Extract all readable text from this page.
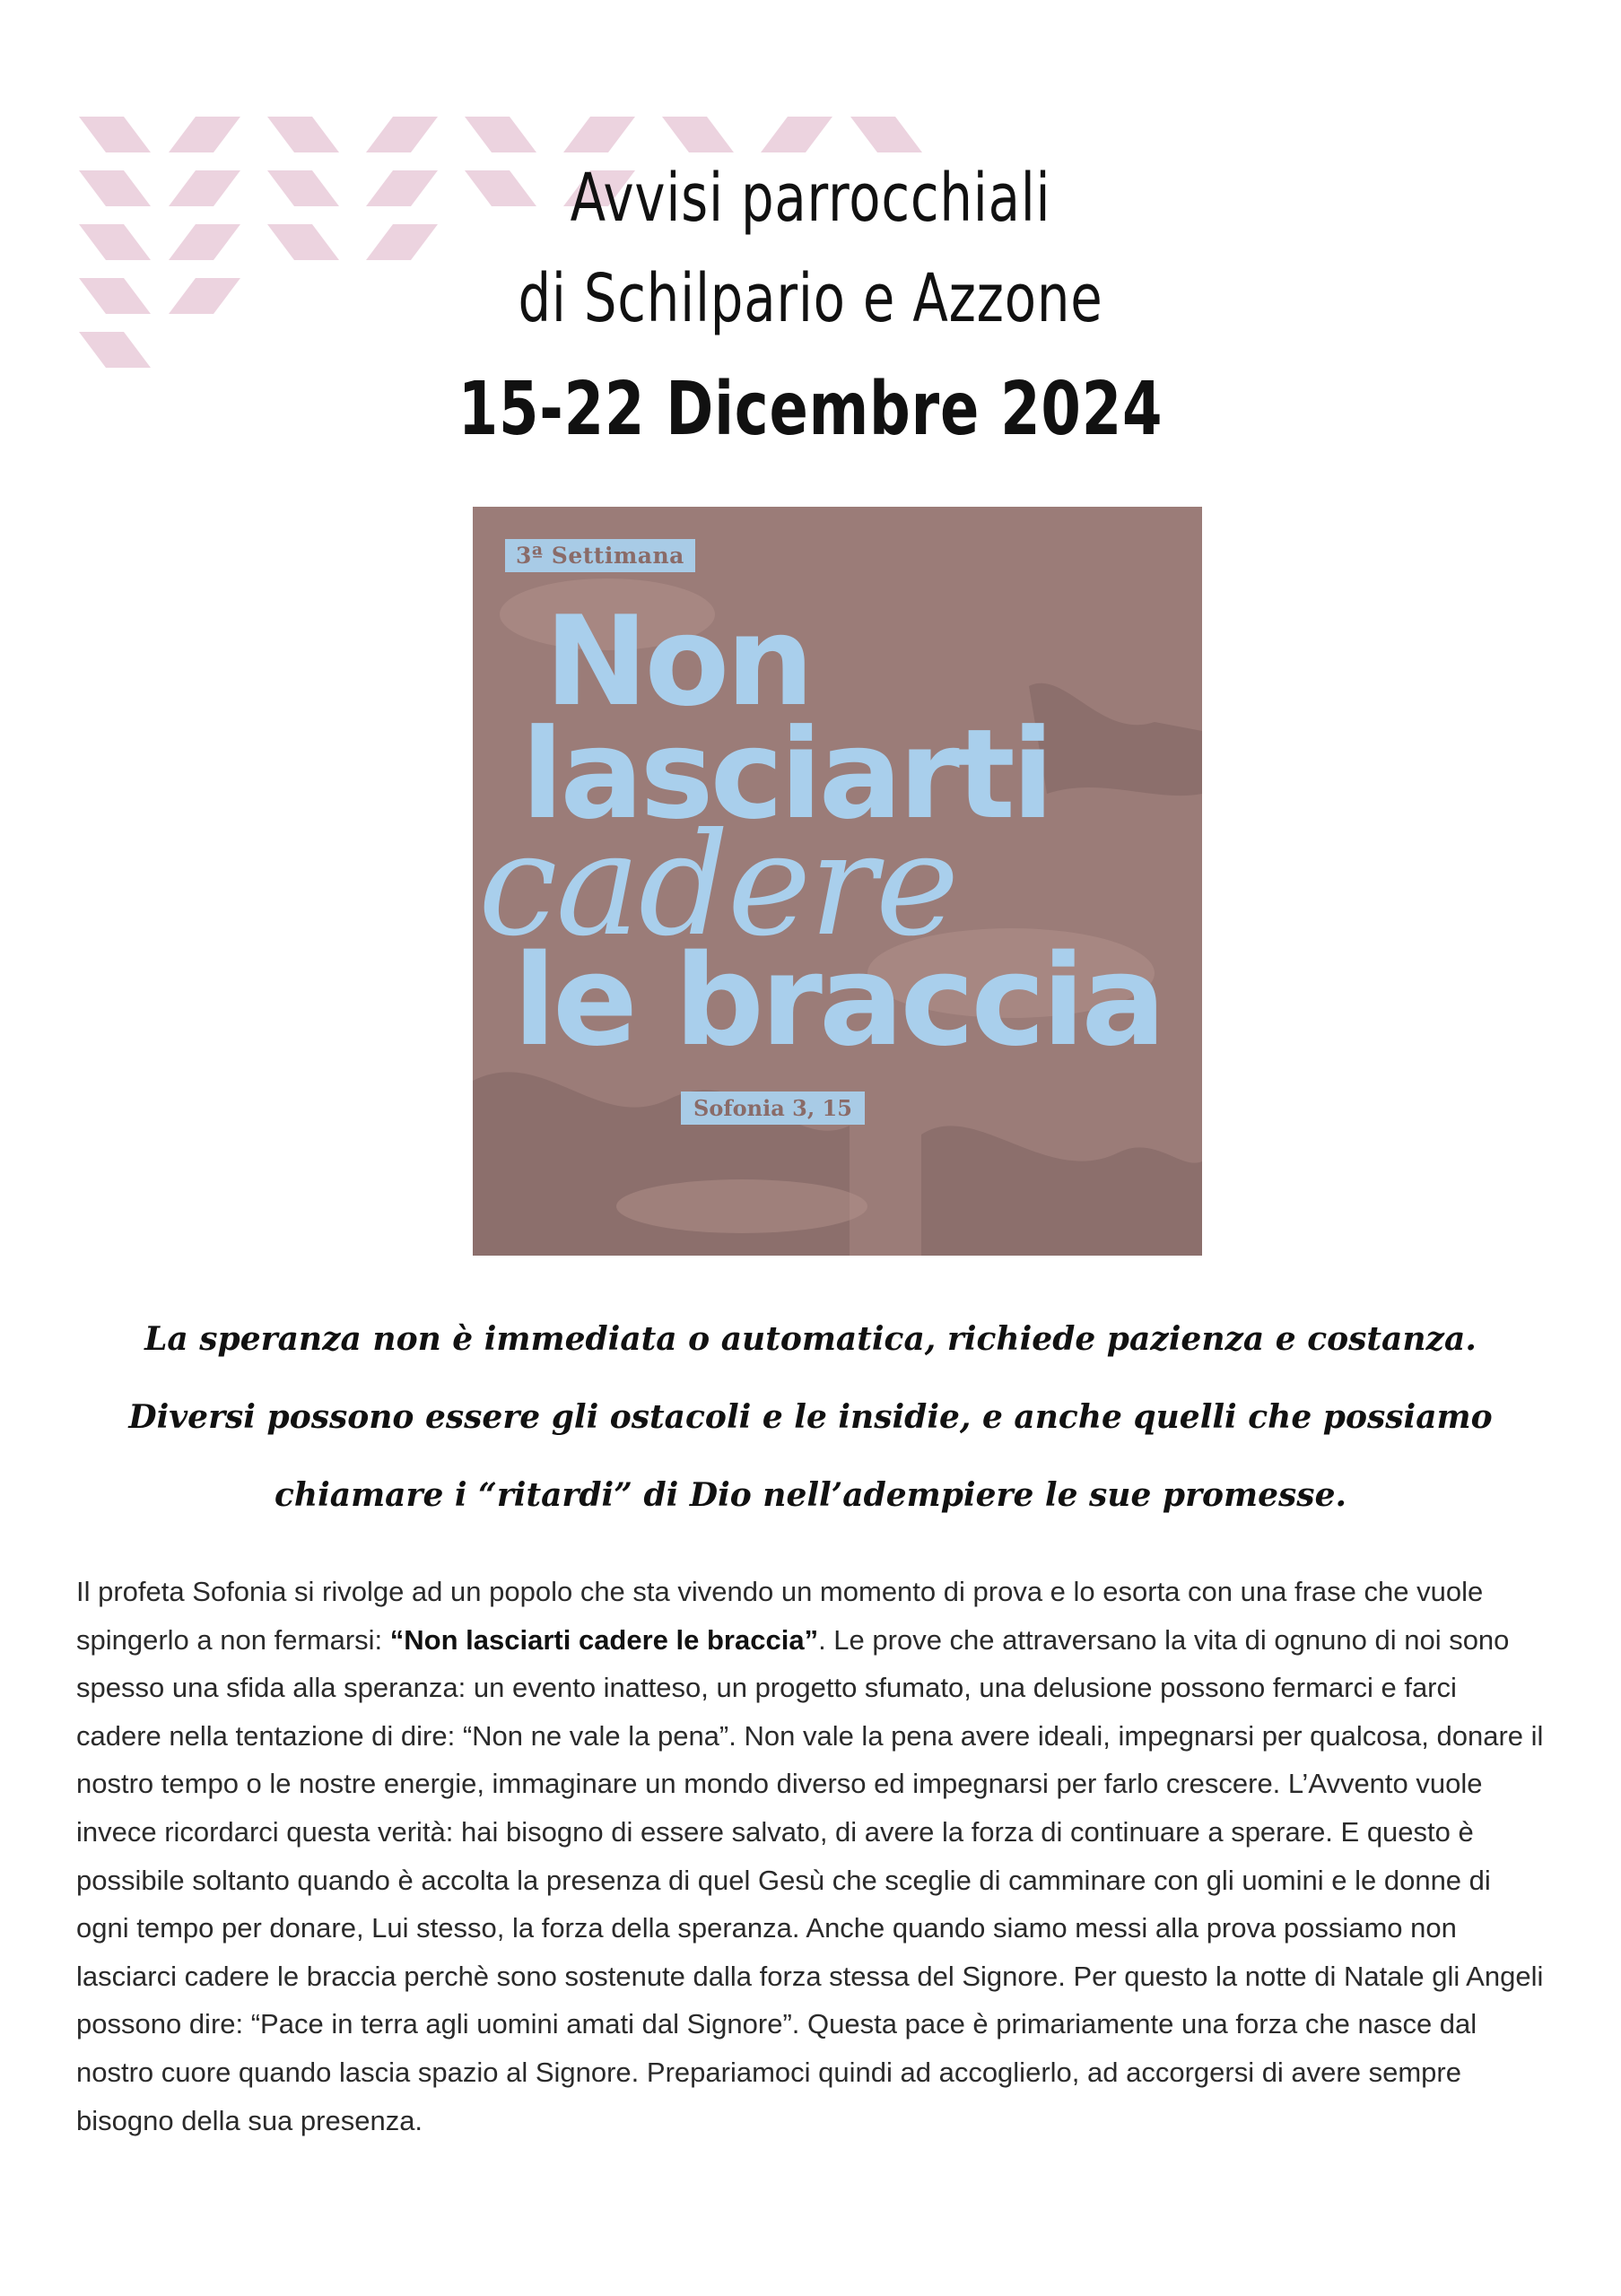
Avvisi parrocchiali
di Schilpario e Azzone
15-22 Dicembre 2024
3ª Settimana
Non
lasciarti
cadere
le braccia
Sofonia 3, 15
La speranza non è immediata o automatica, richiede pazienza e costanza. Diversi possono essere gli ostacoli e le insidie, e anche quelli che possiamo chiamare i “ritardi” di Dio nell’adempiere le sue promesse.
Il profeta Sofonia si rivolge ad un popolo che sta vivendo un momento di prova e lo esorta con una frase che vuole spingerlo a non fermarsi: “Non lasciarti cadere le braccia”. Le prove che attraversano la vita di ognuno di noi sono spesso una sfida alla speranza: un evento inatteso, un progetto sfumato, una delusione possono fermarci e farci cadere nella tentazione di dire: “Non ne vale la pena”. Non vale la pena avere ideali, impegnarsi per qualcosa, donare il nostro tempo o le nostre energie, immaginare un mondo diverso ed impegnarsi per farlo crescere. L’Avvento vuole invece ricordarci questa verità: hai bisogno di essere salvato, di avere la forza di continuare a sperare. E questo è possibile soltanto quando è accolta la presenza di quel Gesù che sceglie di camminare con gli uomini e le donne di ogni tempo per donare, Lui stesso, la forza della speranza. Anche quando siamo messi alla prova possiamo non lasciarci cadere le braccia perchè sono sostenute dalla forza stessa del Signore. Per questo la notte di Natale gli Angeli possono dire: “Pace in terra agli uomini amati dal Signore”. Questa pace è primariamente una forza che nasce dal nostro cuore quando lascia spazio al Signore. Prepariamoci quindi ad accoglierlo, ad accorgersi di avere sempre bisogno della sua presenza.
